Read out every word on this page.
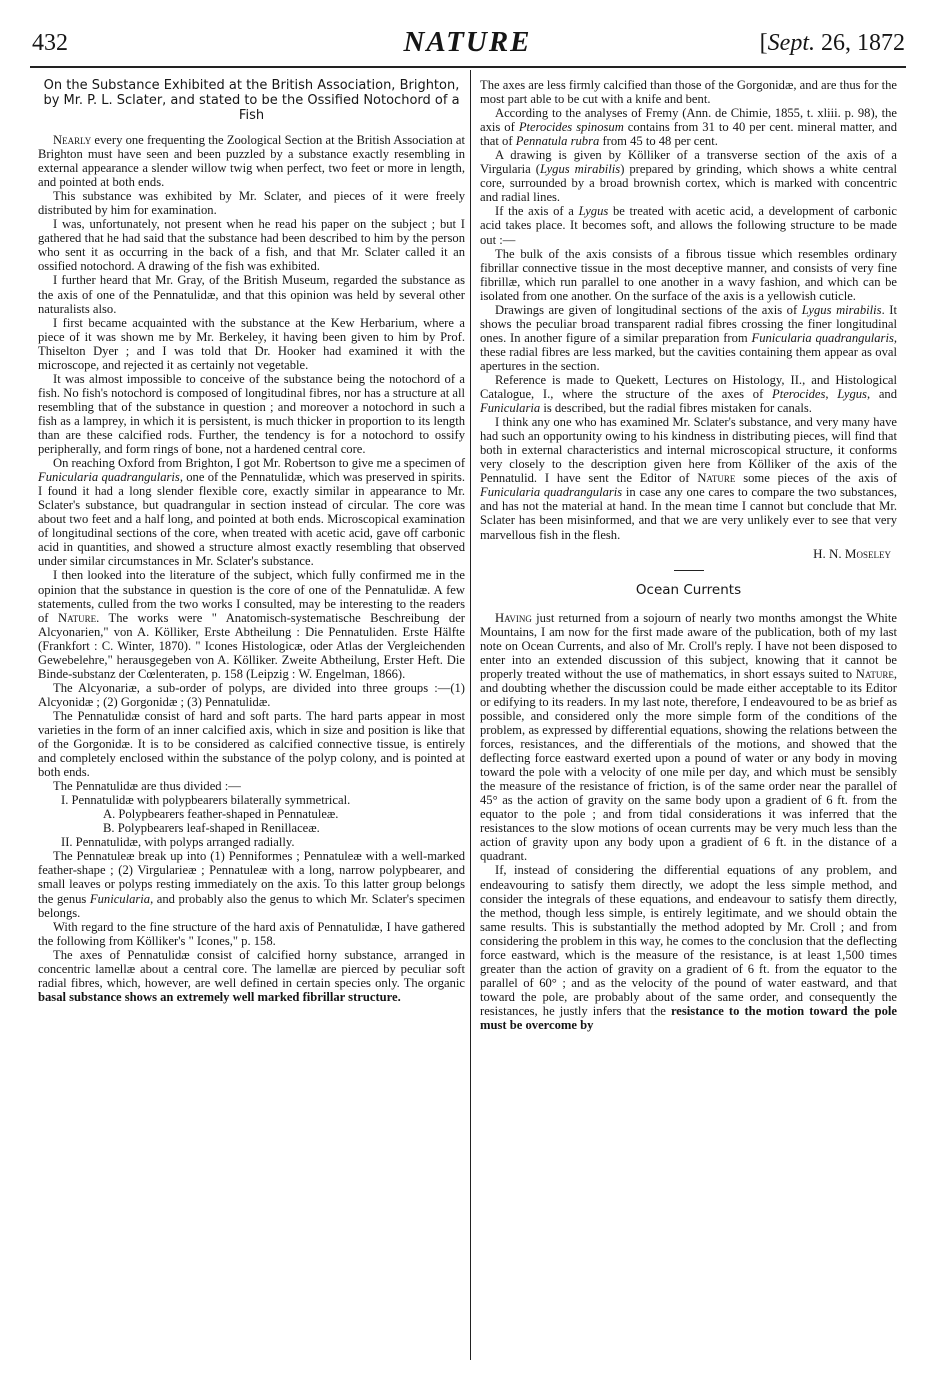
432	NATURE	[Sept. 26, 1872
On the Substance Exhibited at the British Association, Brighton, by Mr. P. L. Sclater, and stated to be the Ossified Notochord of a Fish

Nearly every one frequenting the Zoological Section at the British Association at Brighton must have seen and been puzzled by a substance exactly resembling in external appearance a slender willow twig when perfect, two feet or more in length, and pointed at both ends.

This substance was exhibited by Mr. Sclater, and pieces of it were freely distributed by him for examination.

I was, unfortunately, not present when he read his paper on the subject ; but I gathered that he had said that the substance had been described to him by the person who sent it as occurring in the back of a fish, and that Mr. Sclater called it an ossified notochord. A drawing of the fish was exhibited.

I further heard that Mr. Gray, of the British Museum, regarded the substance as the axis of one of the Pennatulidæ, and that this opinion was held by several other naturalists also.

I first became acquainted with the substance at the Kew Herbarium, where a piece of it was shown me by Mr. Berkeley, it having been given to him by Prof. Thiselton Dyer ; and I was told that Dr. Hooker had examined it with the microscope, and rejected it as certainly not vegetable.

It was almost impossible to conceive of the substance being the notochord of a fish. No fish's notochord is composed of longitudinal fibres, nor has a structure at all resembling that of the substance in question ; and moreover a notochord in such a fish as a lamprey, in which it is persistent, is much thicker in proportion to its length than are these calcified rods. Further, the tendency is for a notochord to ossify peripherally, and form rings of bone, not a hardened central core.

On reaching Oxford from Brighton, I got Mr. Robertson to give me a specimen of Funicularia quadrangularis, one of the Pennatulidæ, which was preserved in spirits. I found it had a long slender flexible core, exactly similar in appearance to Mr. Sclater's substance, but quadrangular in section instead of circular. The core was about two feet and a half long, and pointed at both ends. Microscopical examination of longitudinal sections of the core, when treated with acetic acid, gave off carbonic acid in quantities, and showed a structure almost exactly resembling that observed under similar circumstances in Mr. Sclater's substance.

I then looked into the literature of the subject, which fully confirmed me in the opinion that the substance in question is the core of one of the Pennatulidæ. A few statements, culled from the two works I consulted, may be interesting to the readers of Nature. The works were " Anatomisch-systematische Beschreibung der Alcyonarien," von A. Kölliker, Erste Abtheilung : Die Pennatuliden. Erste Hälfte (Frankfort : C. Winter, 1870). " Icones Histologicæ, oder Atlas der Vergleichenden Gewebelehre," herausgegeben von A. Kölliker. Zweite Abtheilung, Erster Heft. Die Binde-substanz der Cœlenteraten, p. 158 (Leipzig : W. Engelman, 1866).

The Alcyonariæ, a sub-order of polyps, are divided into three groups :—(1) Alcyonidæ ; (2) Gorgonidæ ; (3) Pennatulidæ.

The Pennatulidæ consist of hard and soft parts. The hard parts appear in most varieties in the form of an inner calcified axis, which in size and position is like that of the Gorgonidæ. It is to be considered as calcified connective tissue, is entirely and completely enclosed within the substance of the polyp colony, and is pointed at both ends.

The Pennatulidæ are thus divided :—

I. Pennatulidæ with polypbearers bilaterally symmetrical.

A. Polypbearers feather-shaped in Pennatuleæ.

B. Polypbearers leaf-shaped in Renillaceæ.

II. Pennatulidæ, with polyps arranged radially.

The Pennatuleæ break up into (1) Penniformes ; Pennatuleæ with a well-marked feather-shape ; (2) Virgularieæ ; Pennatuleæ with a long, narrow polypbearer, and small leaves or polyps resting immediately on the axis. To this latter group belongs the genus Funicularia, and probably also the genus to which Mr. Sclater's specimen belongs.

With regard to the fine structure of the hard axis of Pennatulidæ, I have gathered the following from Kölliker's " Icones," p. 158.

The axes of Pennatulidæ consist of calcified horny substance, arranged in concentric lamellæ about a central core. The lamellæ are pierced by peculiar soft radial fibres, which, however, are well defined in certain species only. The organic basal substance shows an extremely well marked fibrillar structure.

The axes are less firmly calcified than those of the Gorgonidæ, and are thus for the most part able to be cut with a knife and bent.

According to the analyses of Fremy (Ann. de Chimie, 1855, t. xliii. p. 98), the axis of Pterocides spinosum contains from 31 to 40 per cent. mineral matter, and that of Pennatula rubra from 45 to 48 per cent.

A drawing is given by Kölliker of a transverse section of the axis of a Virgularia (Lygus mirabilis) prepared by grinding, which shows a white central core, surrounded by a broad brownish cortex, which is marked with concentric and radial lines.

If the axis of a Lygus be treated with acetic acid, a development of carbonic acid takes place. It becomes soft, and allows the following structure to be made out :—

The bulk of the axis consists of a fibrous tissue which resembles ordinary fibrillar connective tissue in the most deceptive manner, and consists of very fine fibrillæ, which run parallel to one another in a wavy fashion, and which can be isolated from one another. On the surface of the axis is a yellowish cuticle.

Drawings are given of longitudinal sections of the axis of Lygus mirabilis. It shows the peculiar broad transparent radial fibres crossing the finer longitudinal ones. In another figure of a similar preparation from Funicularia quadrangularis, these radial fibres are less marked, but the cavities containing them appear as oval apertures in the section.

Reference is made to Quekett, Lectures on Histology, II., and Histological Catalogue, I., where the structure of the axes of Pterocides, Lygus, and Funicularia is described, but the radial fibres mistaken for canals.

I think any one who has examined Mr. Sclater's substance, and very many have had such an opportunity owing to his kindness in distributing pieces, will find that both in external characteristics and internal microscopical structure, it conforms very closely to the description given here from Kölliker of the axis of the Pennatulid. I have sent the Editor of Nature some pieces of the axis of Funicularia quadrangularis in case any one cares to compare the two substances, and has not the material at hand. In the mean time I cannot but conclude that Mr. Sclater has been misinformed, and that we are very unlikely ever to see that very marvellous fish in the flesh.

H. N. Moseley
Ocean Currents

Having just returned from a sojourn of nearly two months amongst the White Mountains, I am now for the first made aware of the publication, both of my last note on Ocean Currents, and also of Mr. Croll's reply. I have not been disposed to enter into an extended discussion of this subject, knowing that it cannot be properly treated without the use of mathematics, in short essays suited to Nature, and doubting whether the discussion could be made either acceptable to its Editor or edifying to its readers. In my last note, therefore, I endeavoured to be as brief as possible, and considered only the more simple form of the conditions of the problem, as expressed by differential equations, showing the relations between the forces, resistances, and the differentials of the motions, and showed that the deflecting force eastward exerted upon a pound of water or any body in moving toward the pole with a velocity of one mile per day, and which must be sensibly the measure of the resistance of friction, is of the same order near the parallel of 45° as the action of gravity on the same body upon a gradient of 6 ft. from the equator to the pole ; and from tidal considerations it was inferred that the resistances to the slow motions of ocean currents may be very much less than the action of gravity upon any body upon a gradient of 6 ft. in the distance of a quadrant.

If, instead of considering the differential equations of any problem, and endeavouring to satisfy them directly, we adopt the less simple method, and consider the integrals of these equations, and endeavour to satisfy them directly, the method, though less simple, is entirely legitimate, and we should obtain the same results. This is substantially the method adopted by Mr. Croll ; and from considering the problem in this way, he comes to the conclusion that the deflecting force eastward, which is the measure of the resistance, is at least 1,500 times greater than the action of gravity on a gradient of 6 ft. from the equator to the parallel of 60° ; and as the velocity of the pound of water eastward, and that toward the pole, are probably about of the same order, and consequently the resistances, he justly infers that the resistance to the motion toward the pole must be overcome by
